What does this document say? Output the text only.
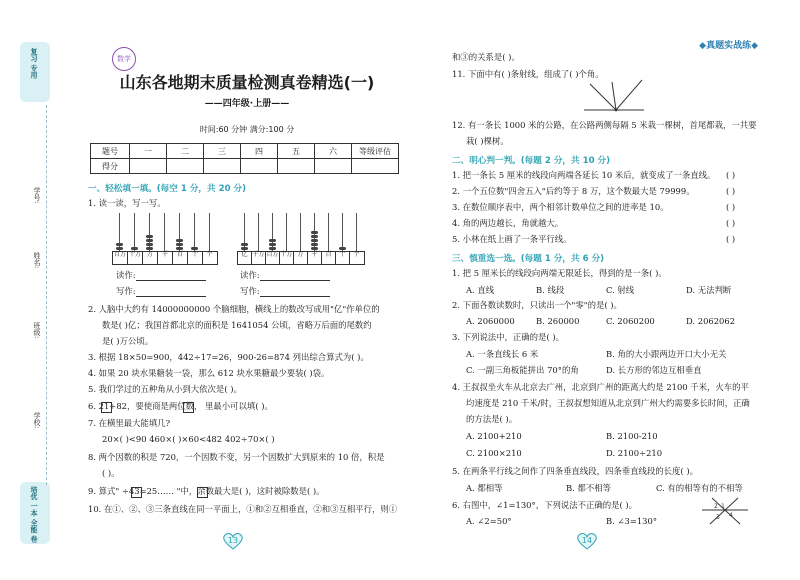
复习 专用
培优 一本 全能 卷
学号:
姓名:
班级:
学校:
数学
山东各地期末质量检测真卷精选(一)
——四年级·上册——
时间:60 分钟 满分:100 分
题号	一	二	三	四	五	六	等级评估
得分							
一、轻松填一填。(每空 1 分，共 20 分)
1. 读一读，写一写。
百万 十万 万	千	百	十	个	亿 千万 百万 十万 万	千	百	十	个
读作:	读作:
写作:	写作:
2. 人脑中大约有 14000000000 个脑细胞，横线上的数改写成用"亿"作单位的
数是( )亿；我国首都北京的面积是 1641054 公顷，省略万后面的尾数约
是( )万公顷。
3. 根据 18×50=900，442÷17=26，900-26=874 列出综合算式为( )。
4. 如果 20 块水果糖装一袋，那么 612 块水果糖最少要装( )袋。
5. 我们学过的五种角从小到大依次是( )。
6. 21÷82，要使商是两位数， 里最小可以填( )。
7. 在横里最大能填几?
20×( )<90 460×( )×60<482 402÷70×( )
8. 两个因数的积是 720，一个因数不变，另一个因数扩大到原来的 10 倍，积是
( )。
9. 算式" ÷43=25…… "中，余数最大是( )，这时被除数是( )。
10. 在①、②、③三条直线在同一平面上，①和②互相垂直，②和③互相平行，则①
13
◆真题实战练◆
和③的关系是( )。
11. 下面中有( )条射线，组成了( )个角。
12. 有一条长 1000 米的公路，在公路两侧每隔 5 米栽一棵树，首尾都栽，一共要
栽( )棵树。
二、明心判一判。(每题 2 分，共 10 分)
1. 把一条长 5 厘米的线段向两端各延长 10 米后，就变成了一条直线。 ( )
2. 一个五位数"四舍五入"后约等于 8 万，这个数最大是 79999。	( )
3. 在数位顺序表中，两个相邻计数单位之间的进率是 10。	( )
4. 角的两边越长，角就越大。	( )
5. 小林在纸上画了一条平行线。	( )
三、慎重选一选。(每题 1 分，共 6 分)
1. 把 5 厘米长的线段向两端无限延长，得到的是一条( )。
A. 直线	B. 线段	C. 射线	D. 无法判断
2. 下面各数读数时，只读出一个"零"的是( )。
A. 2060000	B. 260000	C. 2060200	D. 2062062
3. 下列说法中，正确的是( )。
A. 一条直线长 6 米	B. 角的大小跟两边开口大小无关
C. 一副三角板能拼出 70°的角	D. 长方形的邻边互相垂直
4. 王叔叔坐火车从北京去广州，北京到广州的距离大约是 2100 千米，火车的平
均速度是 210 千米/时，王叔叔想知道从北京到广州大约需要多长时间，正确
的方法是( )。
A. 2100+210	B. 2100-210
C. 2100×210	D. 2100÷210
5. 在两条平行线之间作了四条垂直线段，四条垂直线段的长度( )。
A. 都相等	B. 都不相等	C. 有的相等有的不相等
6. 右图中，∠1=130°，下列说法不正确的是( )。
A. ∠2=50°	B. ∠3=130°
2 1
3 4
14
